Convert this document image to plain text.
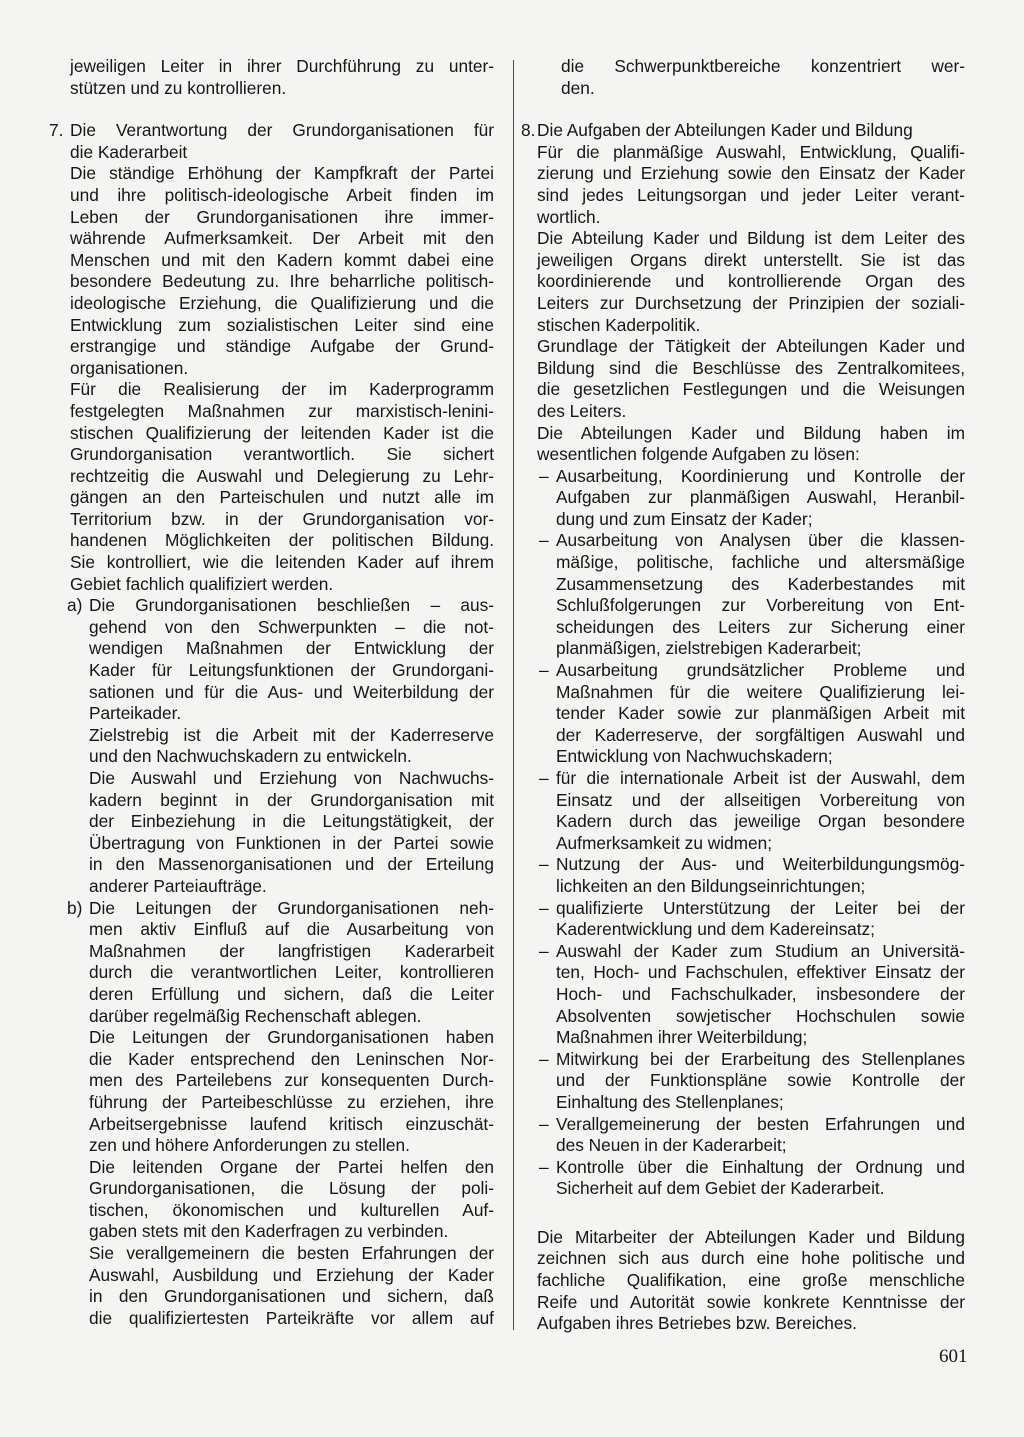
jeweiligen Leiter in ihrer Durchführung zu unter-
stützen und zu kontrollieren.
7. Die Verantwortung der Grundorganisationen für
die Kaderarbeit
Die ständige Erhöhung der Kampfkraft der Partei
und ihre politisch-ideologische Arbeit finden im
Leben der Grundorganisationen ihre immer-
währende Aufmerksamkeit. Der Arbeit mit den
Menschen und mit den Kadern kommt dabei eine
besondere Bedeutung zu. Ihre beharrliche politisch-
ideologische Erziehung, die Qualifizierung und die
Entwicklung zum sozialistischen Leiter sind eine
erstrangige und ständige Aufgabe der Grund-
organisationen.
Für die Realisierung der im Kaderprogramm
festgelegten Maßnahmen zur marxistisch-lenini-
stischen Qualifizierung der leitenden Kader ist die
Grundorganisation verantwortlich. Sie sichert
rechtzeitig die Auswahl und Delegierung zu Lehr-
gängen an den Parteischulen und nutzt alle im
Territorium bzw. in der Grundorganisation vor-
handenen Möglichkeiten der politischen Bildung.
Sie kontrolliert, wie die leitenden Kader auf ihrem
Gebiet fachlich qualifiziert werden.
a) Die Grundorganisationen beschließen – aus-
gehend von den Schwerpunkten – die not-
wendigen Maßnahmen der Entwicklung der
Kader für Leitungsfunktionen der Grundorgani-
sationen und für die Aus- und Weiterbildung der
Parteikader.
Zielstrebig ist die Arbeit mit der Kaderreserve
und den Nachwuchskadern zu entwickeln.
Die Auswahl und Erziehung von Nachwuchs-
kadern beginnt in der Grundorganisation mit
der Einbeziehung in die Leitungstätigkeit, der
Übertragung von Funktionen in der Partei sowie
in den Massenorganisationen und der Erteilung
anderer Parteiaufträge.
b) Die Leitungen der Grundorganisationen neh-
men aktiv Einfluß auf die Ausarbeitung von
Maßnahmen der langfristigen Kaderarbeit
durch die verantwortlichen Leiter, kontrollieren
deren Erfüllung und sichern, daß die Leiter
darüber regelmäßig Rechenschaft ablegen.
Die Leitungen der Grundorganisationen haben
die Kader entsprechend den Leninschen Nor-
men des Parteilebens zur konsequenten Durch-
führung der Parteibeschlüsse zu erziehen, ihre
Arbeitsergebnisse laufend kritisch einzuschät-
zen und höhere Anforderungen zu stellen.
Die leitenden Organe der Partei helfen den
Grundorganisationen, die Lösung der poli-
tischen, ökonomischen und kulturellen Auf-
gaben stets mit den Kaderfragen zu verbinden.
Sie verallgemeinern die besten Erfahrungen der
Auswahl, Ausbildung und Erziehung der Kader
in den Grundorganisationen und sichern, daß
die qualifiziertesten Parteikräfte vor allem auf
die Schwerpunktbereiche konzentriert wer-
den.
8. Die Aufgaben der Abteilungen Kader und Bildung
Für die planmäßige Auswahl, Entwicklung, Qualifi-
zierung und Erziehung sowie den Einsatz der Kader
sind jedes Leitungsorgan und jeder Leiter verant-
wortlich.
Die Abteilung Kader und Bildung ist dem Leiter des
jeweiligen Organs direkt unterstellt. Sie ist das
koordinierende und kontrollierende Organ des
Leiters zur Durchsetzung der Prinzipien der soziali-
stischen Kaderpolitik.
Grundlage der Tätigkeit der Abteilungen Kader und
Bildung sind die Beschlüsse des Zentralkomitees,
die gesetzlichen Festlegungen und die Weisungen
des Leiters.
Die Abteilungen Kader und Bildung haben im
wesentlichen folgende Aufgaben zu lösen:
– Ausarbeitung, Koordinierung und Kontrolle der
Aufgaben zur planmäßigen Auswahl, Heranbil-
dung und zum Einsatz der Kader;
– Ausarbeitung von Analysen über die klassen-
mäßige, politische, fachliche und altersmäßige
Zusammensetzung des Kaderbestandes mit
Schlußfolgerungen zur Vorbereitung von Ent-
scheidungen des Leiters zur Sicherung einer
planmäßigen, zielstrebigen Kaderarbeit;
– Ausarbeitung grundsätzlicher Probleme und
Maßnahmen für die weitere Qualifizierung lei-
tender Kader sowie zur planmäßigen Arbeit mit
der Kaderreserve, der sorgfältigen Auswahl und
Entwicklung von Nachwuchskadern;
– für die internationale Arbeit ist der Auswahl, dem
Einsatz und der allseitigen Vorbereitung von
Kadern durch das jeweilige Organ besondere
Aufmerksamkeit zu widmen;
– Nutzung der Aus- und Weiterbildungungsmög-
lichkeiten an den Bildungseinrichtungen;
– qualifizierte Unterstützung der Leiter bei der
Kaderentwicklung und dem Kadereinsatz;
– Auswahl der Kader zum Studium an Universitä-
ten, Hoch- und Fachschulen, effektiver Einsatz der
Hoch- und Fachschulkader, insbesondere der
Absolventen sowjetischer Hochschulen sowie
Maßnahmen ihrer Weiterbildung;
– Mitwirkung bei der Erarbeitung des Stellenplanes
und der Funktionspläne sowie Kontrolle der
Einhaltung des Stellenplanes;
– Verallgemeinerung der besten Erfahrungen und
des Neuen in der Kaderarbeit;
– Kontrolle über die Einhaltung der Ordnung und
Sicherheit auf dem Gebiet der Kaderarbeit.
Die Mitarbeiter der Abteilungen Kader und Bildung
zeichnen sich aus durch eine hohe politische und
fachliche Qualifikation, eine große menschliche
Reife und Autorität sowie konkrete Kenntnisse der
Aufgaben ihres Betriebes bzw. Bereiches.
601
